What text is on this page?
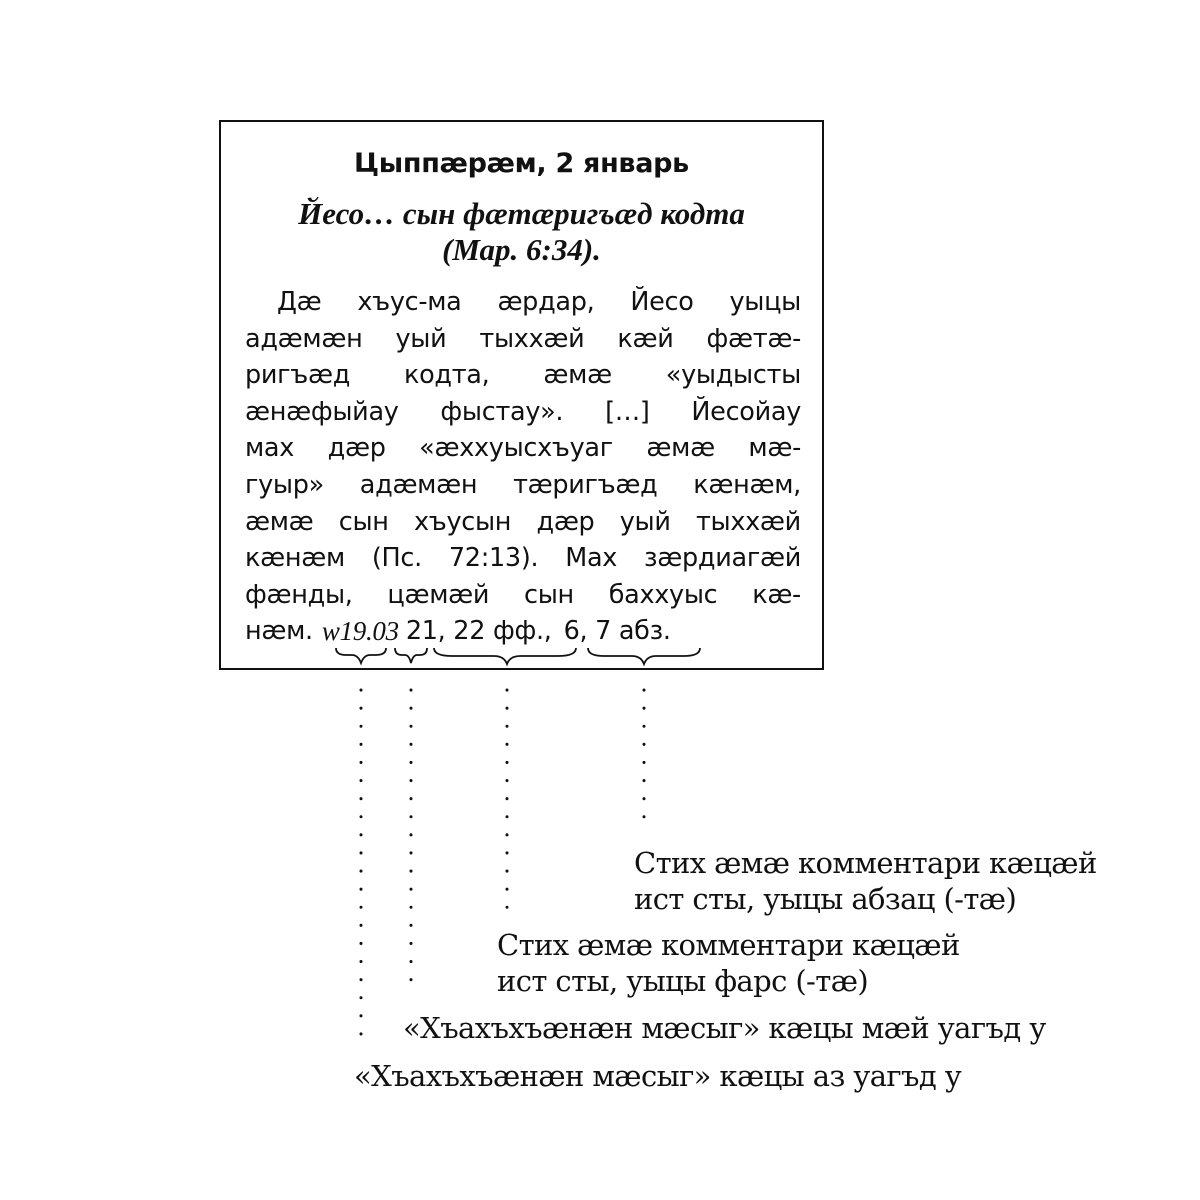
Цыппæрæм, 2 январь
Йесо… сын фæтæригъæд кодта
(Мар. 6:34).
Дæ хъус-ма æрдар, Йесо уыцы
адæмæн уый тыххæй кæй фæтæ-
ригъæд кодта, æмæ «уыдысты
æнæфыйау фыстау». […] Йесойау
мах дæр «æххуысхъуаг æмæ мæ-
гуыр» адæмæн тæригъæд кæнæм,
æмæ сын хъусын дæр уый тыххæй
кæнæм (Пс. 72:13). Мах зæрдиагæй
фæнды, цæмæй сын баххуыс кæ-
нæм. w19 .03 21, 22 фф., 6, 7 абз.
Стих æмæ комментари кæцæй
ист сты, уыцы абзац (-тæ)
Стих æмæ комментари кæцæй
ист сты, уыцы фарс (-тæ)
«Хъахъхъæнæн мæсыг» кæцы мæй уагъд у
«Хъахъхъæнæн мæсыг» кæцы аз уагъд у
